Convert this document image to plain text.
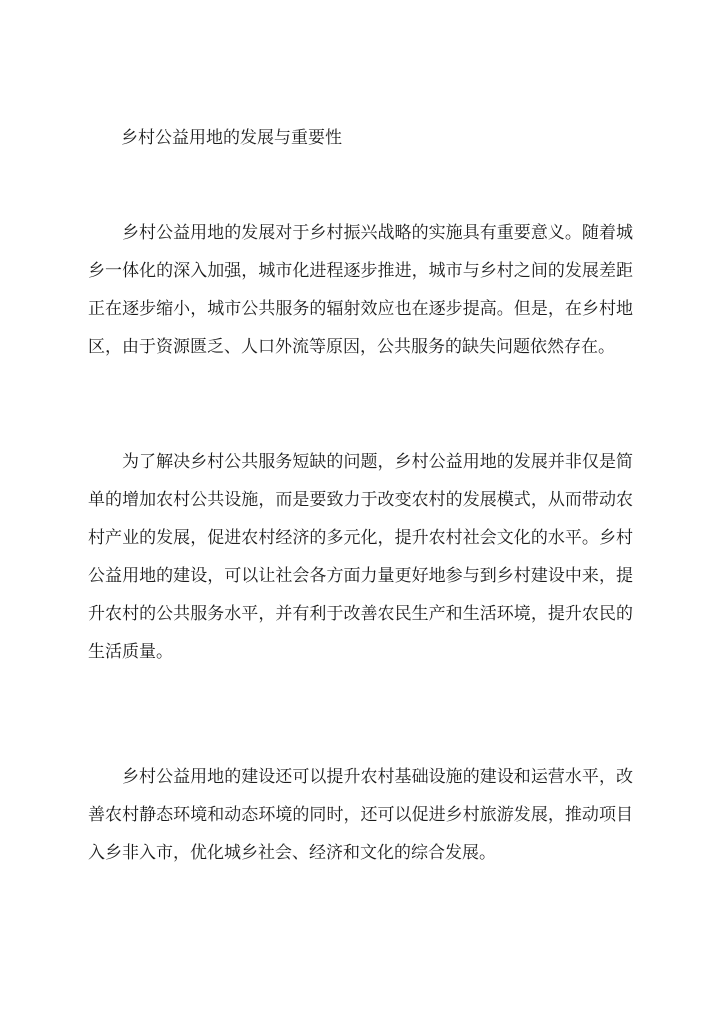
乡村公益用地的发展与重要性

乡村公益用地的发展对于乡村振兴战略的实施具有重要意义。随着城乡一体化的深入加强，城市化进程逐步推进，城市与乡村之间的发展差距正在逐步缩小，城市公共服务的辐射效应也在逐步提高。但是，在乡村地区，由于资源匮乏、人口外流等原因，公共服务的缺失问题依然存在。

为了解决乡村公共服务短缺的问题，乡村公益用地的发展并非仅是简单的增加农村公共设施，而是要致力于改变农村的发展模式，从而带动农村产业的发展，促进农村经济的多元化，提升农村社会文化的水平。乡村公益用地的建设，可以让社会各方面力量更好地参与到乡村建设中来，提升农村的公共服务水平，并有利于改善农民生产和生活环境，提升农民的生活质量。

乡村公益用地的建设还可以提升农村基础设施的建设和运营水平，改善农村静态环境和动态环境的同时，还可以促进乡村旅游发展，推动项目入乡非入市，优化城乡社会、经济和文化的综合发展。
